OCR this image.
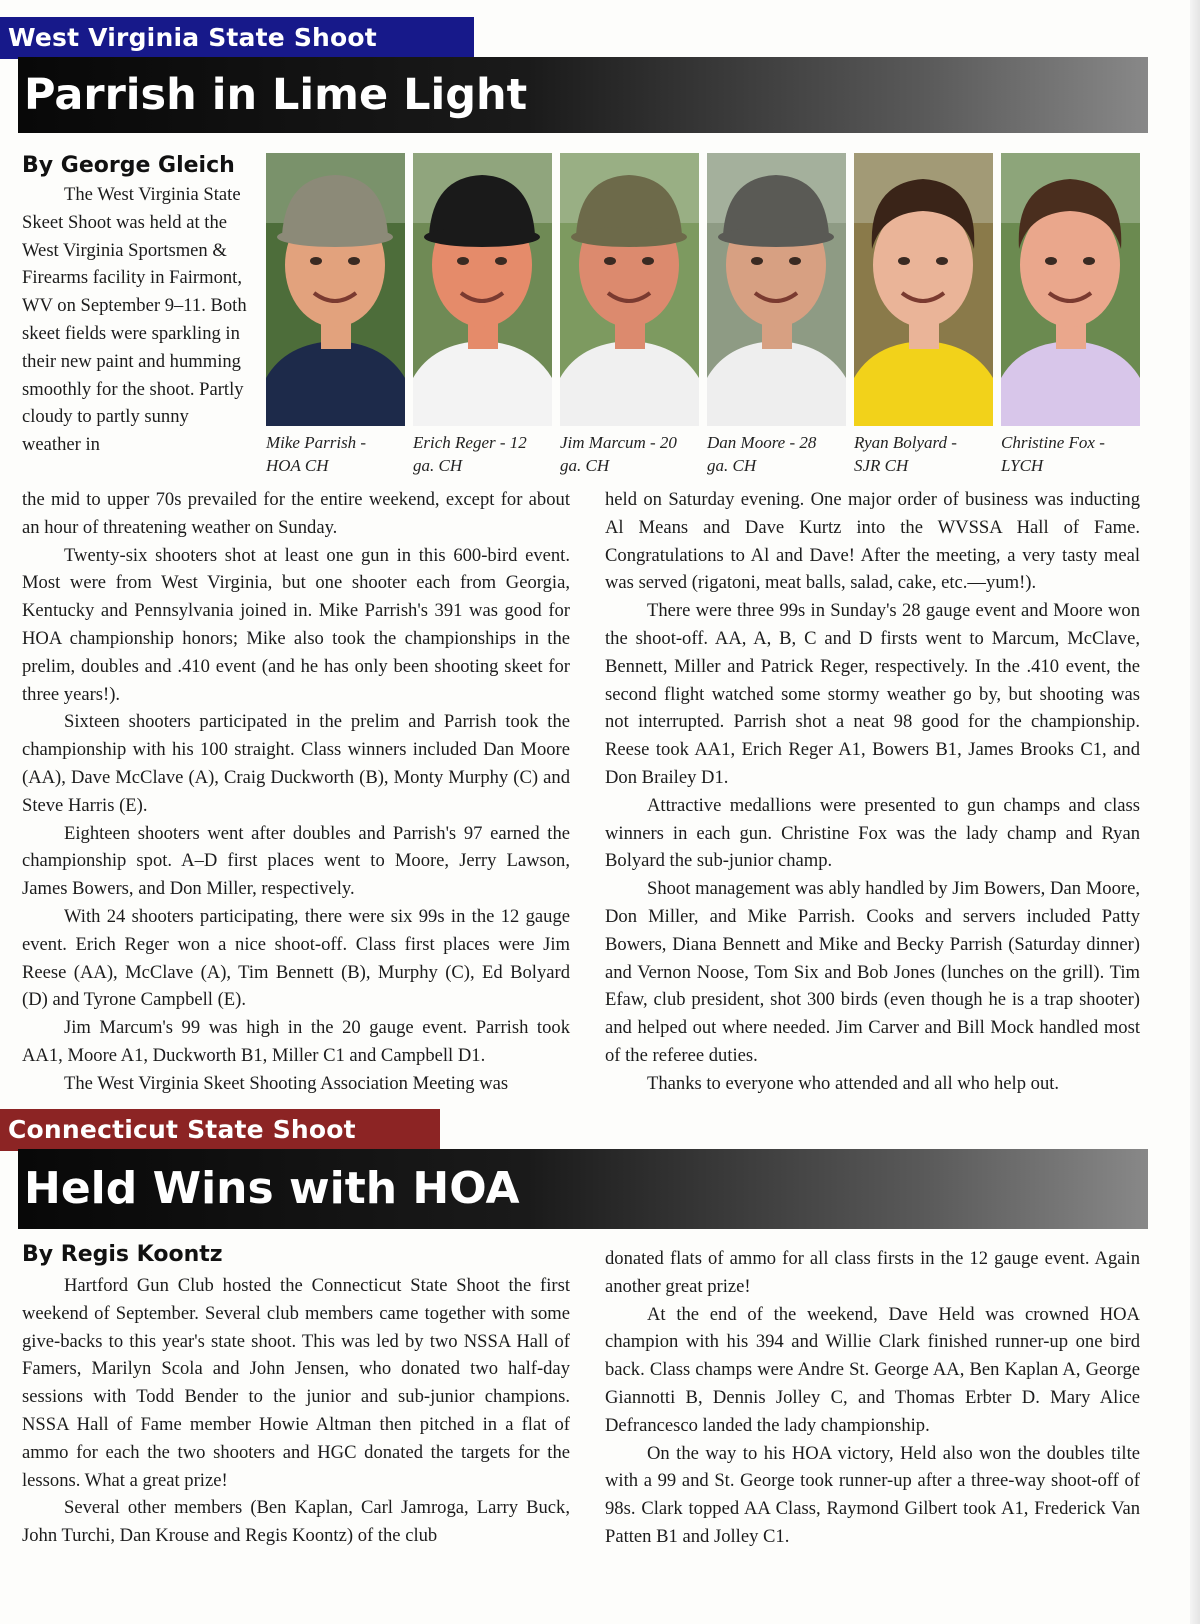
West Virginia State Shoot
Parrish in Lime Light
By George Gleich

The West Virginia State Skeet Shoot was held at the West Virginia Sportsmen & Firearms facility in Fairmont, WV on September 9–11. Both skeet fields were sparkling in their new paint and humming smoothly for the shoot. Partly cloudy to partly sunny weather in

the mid to upper 70s prevailed for the entire weekend, except for about an hour of threatening weather on Sunday.

Twenty-six shooters shot at least one gun in this 600-bird event. Most were from West Virginia, but one shooter each from Georgia, Kentucky and Pennsylvania joined in. Mike Parrish's 391 was good for HOA championship honors; Mike also took the championships in the prelim, doubles and .410 event (and he has only been shooting skeet for three years!).

Sixteen shooters participated in the prelim and Parrish took the championship with his 100 straight. Class winners included Dan Moore (AA), Dave McClave (A), Craig Duckworth (B), Monty Murphy (C) and Steve Harris (E).

Eighteen shooters went after doubles and Parrish's 97 earned the championship spot. A–D first places went to Moore, Jerry Lawson, James Bowers, and Don Miller, respectively.

With 24 shooters participating, there were six 99s in the 12 gauge event. Erich Reger won a nice shoot-off. Class first places were Jim Reese (AA), McClave (A), Tim Bennett (B), Murphy (C), Ed Bolyard (D) and Tyrone Campbell (E).

Jim Marcum's 99 was high in the 20 gauge event. Parrish took AA1, Moore A1, Duckworth B1, Miller C1 and Campbell D1.

The West Virginia Skeet Shooting Association Meeting was

held on Saturday evening. One major order of business was inducting Al Means and Dave Kurtz into the WVSSA Hall of Fame. Congratulations to Al and Dave! After the meeting, a very tasty meal was served (rigatoni, meat balls, salad, cake, etc.—yum!).

There were three 99s in Sunday's 28 gauge event and Moore won the shoot-off. AA, A, B, C and D firsts went to Marcum, McClave, Bennett, Miller and Patrick Reger, respectively. In the .410 event, the second flight watched some stormy weather go by, but shooting was not interrupted. Parrish shot a neat 98 good for the championship. Reese took AA1, Erich Reger A1, Bowers B1, James Brooks C1, and Don Brailey D1.

Attractive medallions were presented to gun champs and class winners in each gun. Christine Fox was the lady champ and Ryan Bolyard the sub-junior champ.

Shoot management was ably handled by Jim Bowers, Dan Moore, Don Miller, and Mike Parrish. Cooks and servers included Patty Bowers, Diana Bennett and Mike and Becky Parrish (Saturday dinner) and Vernon Noose, Tom Six and Bob Jones (lunches on the grill). Tim Efaw, club president, shot 300 birds (even though he is a trap shooter) and helped out where needed. Jim Carver and Bill Mock handled most of the referee duties.

Thanks to everyone who attended and all who help out.

Connecticut State Shoot
Held Wins with HOA
By Regis Koontz

Hartford Gun Club hosted the Connecticut State Shoot the first weekend of September. Several club members came together with some give-backs to this year's state shoot. This was led by two NSSA Hall of Famers, Marilyn Scola and John Jensen, who donated two half-day sessions with Todd Bender to the junior and sub-junior champions. NSSA Hall of Fame member Howie Altman then pitched in a flat of ammo for each the two shooters and HGC donated the targets for the lessons. What a great prize!

Several other members (Ben Kaplan, Carl Jamroga, Larry Buck, John Turchi, Dan Krouse and Regis Koontz) of the club

donated flats of ammo for all class firsts in the 12 gauge event. Again another great prize!

At the end of the weekend, Dave Held was crowned HOA champion with his 394 and Willie Clark finished runner-up one bird back. Class champs were Andre St. George AA, Ben Kaplan A, George Giannotti B, Dennis Jolley C, and Thomas Erbter D. Mary Alice Defrancesco landed the lady championship.

On the way to his HOA victory, Held also won the doubles tilte with a 99 and St. George took runner-up after a three-way shoot-off of 98s. Clark topped AA Class, Raymond Gilbert took A1, Frederick Van Patten B1 and Jolley C1.

Mike Parrish -
HOA CH
Erich Reger - 12
ga. CH
Jim Marcum - 20
ga. CH
Dan Moore - 28
ga. CH
Ryan Bolyard -
SJR CH
Christine Fox -
LYCH
